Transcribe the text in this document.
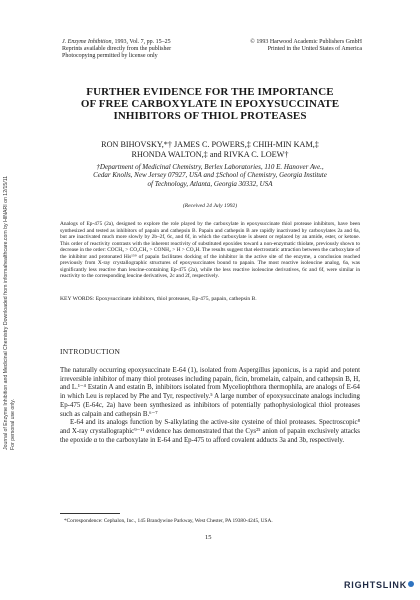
Journal of Enzyme Inhibition and Medicinal Chemistry Downloaded from informahealthcare.com by HINARI on 12/15/11 For personal use only.
J. Enzyme Inhibition, 1993, Vol. 7, pp. 15–25
Reprints available directly from the publisher
Photocopying permitted by license only
© 1993 Harwood Academic Publishers GmbH
Printed in the United States of America
FURTHER EVIDENCE FOR THE IMPORTANCE
OF FREE CARBOXYLATE IN EPOXYSUCCINATE
INHIBITORS OF THIOL PROTEASES
RON BIHOVSKY,*† JAMES C. POWERS,‡ CHIH-MIN KAM,‡
RHONDA WALTON,‡ and RIVKA C. LOEW†
†Department of Medicinal Chemistry, Berlex Laboratories, 110 E. Hanover Ave.,
Cedar Knolls, New Jersey 07927, USA and ‡School of Chemistry, Georgia Institute
of Technology, Atlanta, Georgia 30332, USA
(Received 24 July 1992)
Analogs of Ep-475 (2a), designed to explore the role played by the carboxylate in epoxysuccinate thiol protease inhibitors, have been synthesized and tested as inhibitors of papain and cathepsin B. Papain and cathepsin B are rapidly inactivated by carboxylates 2a and 6a, but are inactivated much more slowly by 2b–2f, 6c, and 6f, in which the carboxylate is absent or replaced by an amide, ester, or ketone. This order of reactivity contrasts with the inherent reactivity of substituted epoxides toward a non-enzymatic thiolate, previously shown to decrease in the order: COCH₃ > CO₂CH₃ > CONH₂ > H > CO₂H. The results suggest that electrostatic attraction between the carboxylate of the inhibitor and protonated His¹⁵⁹ of papain facilitates docking of the inhibitor in the active site of the enzyme, a conclusion reached previously from X-ray crystallographic structures of epoxysuccinates bound to papain. The most reactive isoleucine analog, 6a, was significantly less reactive than leucine-containing Ep-475 (2a), while the less reactive isoleucine derivatives, 6c and 6f, were similar in reactivity to the corresponding leucine derivatives, 2c and 2f, respectively.
KEY WORDS: Epoxysuccinate inhibitors, thiol proteases, Ep-475, papain, cathepsin B.
INTRODUCTION

The naturally occurring epoxysuccinate E-64 (1), isolated from Aspergillus japonicus, is a rapid and potent irreversible inhibitor of many thiol proteases including papain, ficin, bromelain, calpain, and cathepsin B, H, and L.¹⁻⁴ Estatin A and estatin B, inhibitors isolated from Myceliophthora thermophila, are analogs of E-64 in which Leu is replaced by Phe and Tyr, respectively.⁵ A large number of epoxysuccinate analogs including Ep-475 (E-64c, 2a) have been synthesized as inhibitors of potentially pathophysiological thiol proteases such as calpain and cathepsin B.⁶⁻⁷

E-64 and its analogs function by S-alkylating the active-site cysteine of thiol proteases. Spectroscopic⁸ and X-ray crystallographic⁹⁻¹¹ evidence has demonstrated that the Cys²⁵ anion of papain exclusively attacks the epoxide α to the carboxylate in E-64 and Ep-475 to afford covalent adducts 3a and 3b, respectively.

*Correspondence: Cephalon, Inc., 145 Brandywine Parkway, West Chester, PA 19380-4245, USA.
15
RIGHTSLINK
